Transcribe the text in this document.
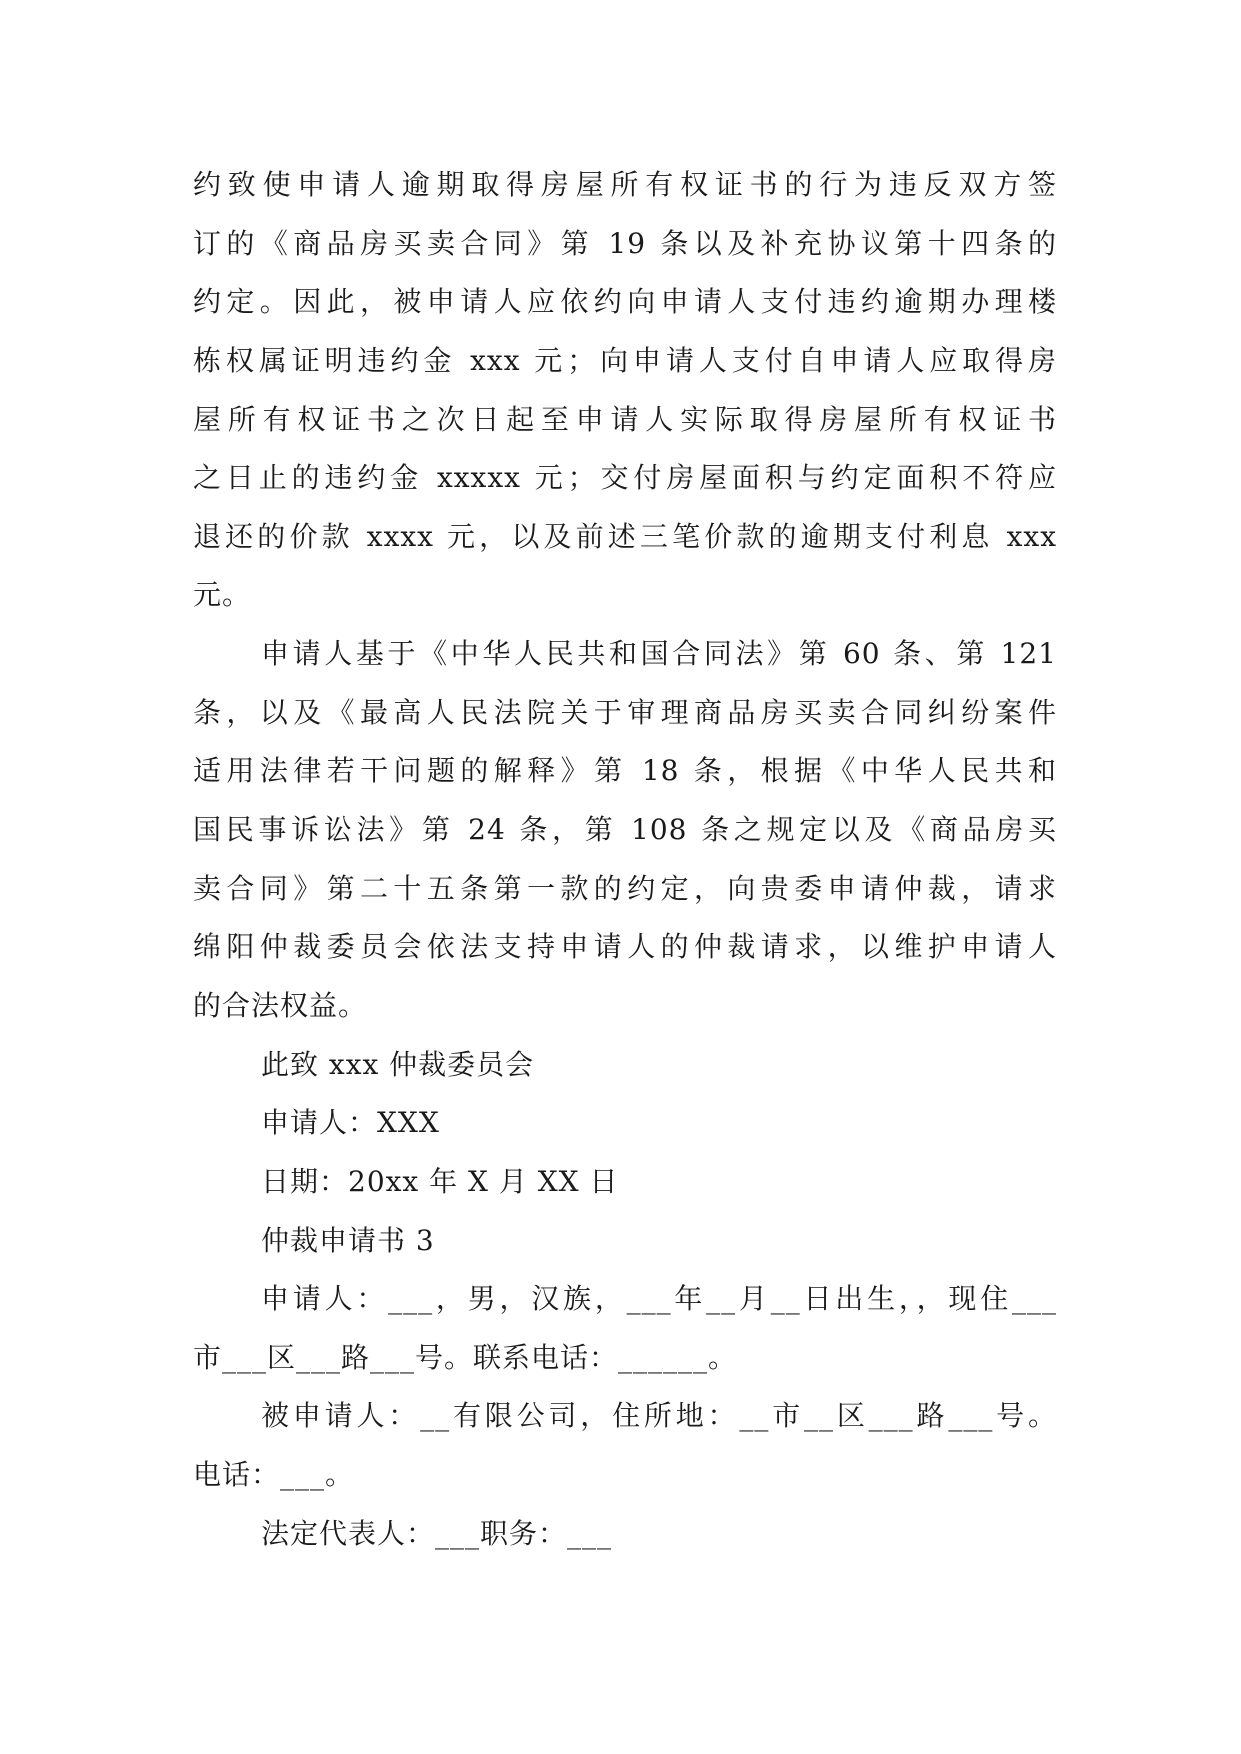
约致使申请人逾期取得房屋所有权证书的行为违反双方签
订的《商品房买卖合同》第 19 条以及补充协议第十四条的
约定。因此，被申请人应依约向申请人支付违约逾期办理楼
栋权属证明违约金 xxx 元；向申请人支付自申请人应取得房
屋所有权证书之次日起至申请人实际取得房屋所有权证书
之日止的违约金 xxxxx 元；交付房屋面积与约定面积不符应
退还的价款 xxxx 元，以及前述三笔价款的逾期支付利息 xxx
元。
申请人基于《中华人民共和国合同法》第 60 条、第 121
条，以及《最高人民法院关于审理商品房买卖合同纠纷案件
适用法律若干问题的解释》第 18 条，根据《中华人民共和
国民事诉讼法》第 24 条，第 108 条之规定以及《商品房买
卖合同》第二十五条第一款的约定，向贵委申请仲裁，请求
绵阳仲裁委员会依法支持申请人的仲裁请求，以维护申请人
的合法权益。
此致 xxx 仲裁委员会
申请人：XXX
日期：20xx 年 X 月 XX 日
仲裁申请书 3
申请人：___，男，汉族，___年__月__日出生，，现住___
市___区___路___号。联系电话：______。
被申请人：__有限公司，住所地：__市__区___路___号。
电话：___。
法定代表人：___职务：___
